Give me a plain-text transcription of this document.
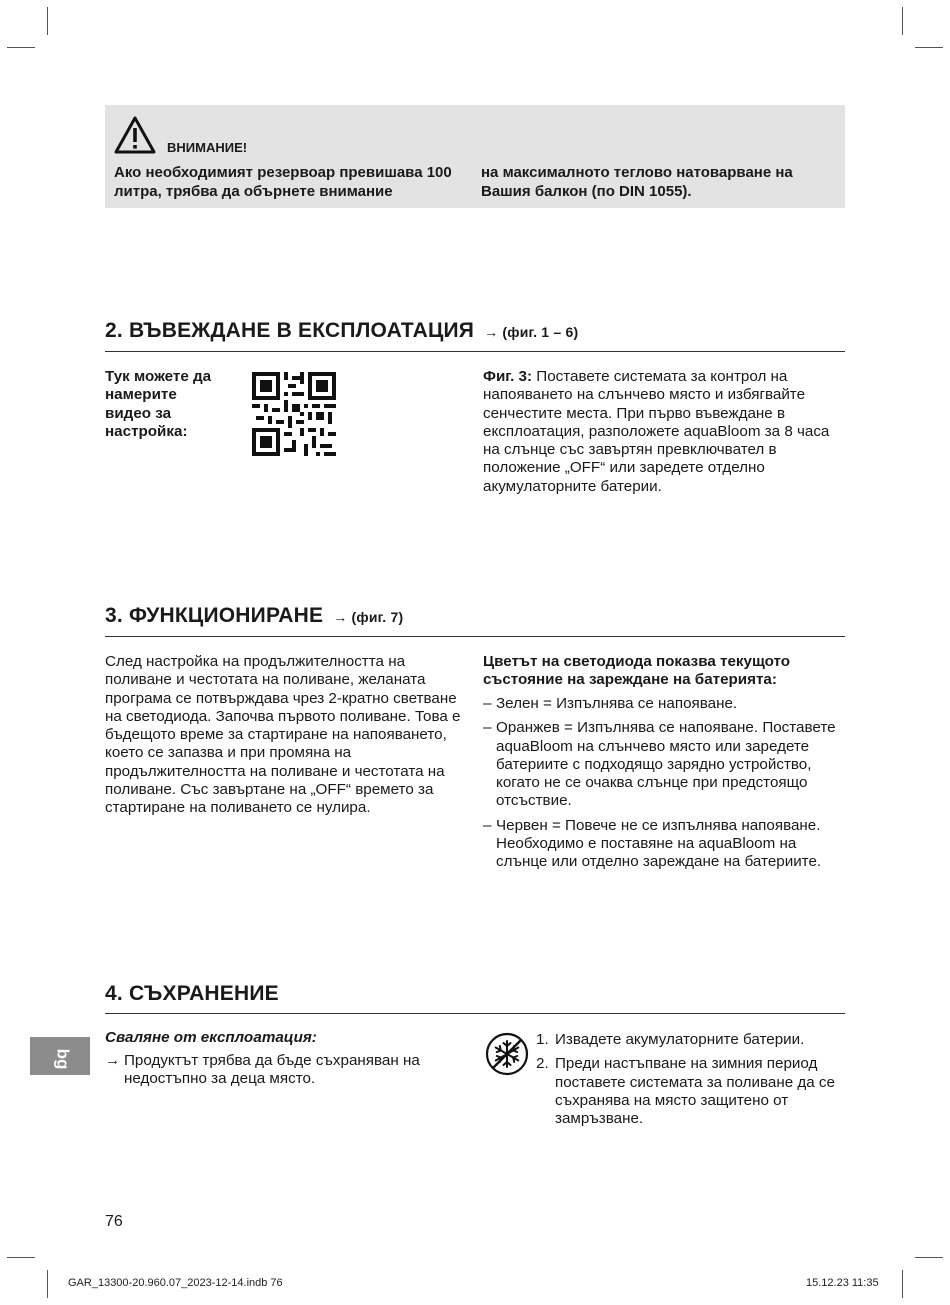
ВНИМАНИЕ!
Ако необходимият резервоар превишава 100 литра, трябва да обърнете внимание
на максималното теглово натоварване на Вашия балкон (по DIN 1055).
2. ВЪВЕЖДАНЕ В ЕКСПЛОАТАЦИЯ → (фиг. 1 – 6)
Тук можете да намерите видео за настройка:
Фиг. 3: Поставете системата за контрол на напояването на слънчево място и избягвайте сенчестите места. При първо въвеждане в експлоатация, разположете aquaBloom за 8 часа на слънце със завъртян превключвател в положение „OFF“ или заредете отделно акумулаторните батерии.
3. ФУНКЦИОНИРАНЕ → (фиг. 7)
След настройка на продължителността на поливане и честотата на поливане, желаната програма се потвърждава чрез 2-кратно светване на светодиода. Започва първото поливане. Това е бъдещото време за стартиране на напояването, което се запазва и при промяна на продължителността на поливане и честотата на поливане. Със завъртане на „OFF“ времето за стартиране на поливането се нулира.
Цветът на светодиода показва текущото състояние на зареждане на батерията:
– Зелен = Изпълнява се напояване.
– Оранжев = Изпълнява се напояване. Поставете aquaBloom на слънчево място или заредете батериите с подходящо зарядно устройство, когато не се очаква слънце при предстоящо отсъствие.
– Червен = Повече не се изпълнява напояване. Необходимо е поставяне на aquaBloom на слънце или отделно зареждане на батериите.
4. СЪХРАНЕНИЕ
Сваляне от експлоатация:
→ Продуктът трябва да бъде съхраняван на недостъпно за деца място.
1. Извадете акумулаторните батерии.
2. Преди настъпване на зимния период поставете системата за поливане да се съхранява на място защитено от замръзване.
bg
76
GAR_13300-20.960.07_2023-12-14.indb 76	15.12.23 11:35
